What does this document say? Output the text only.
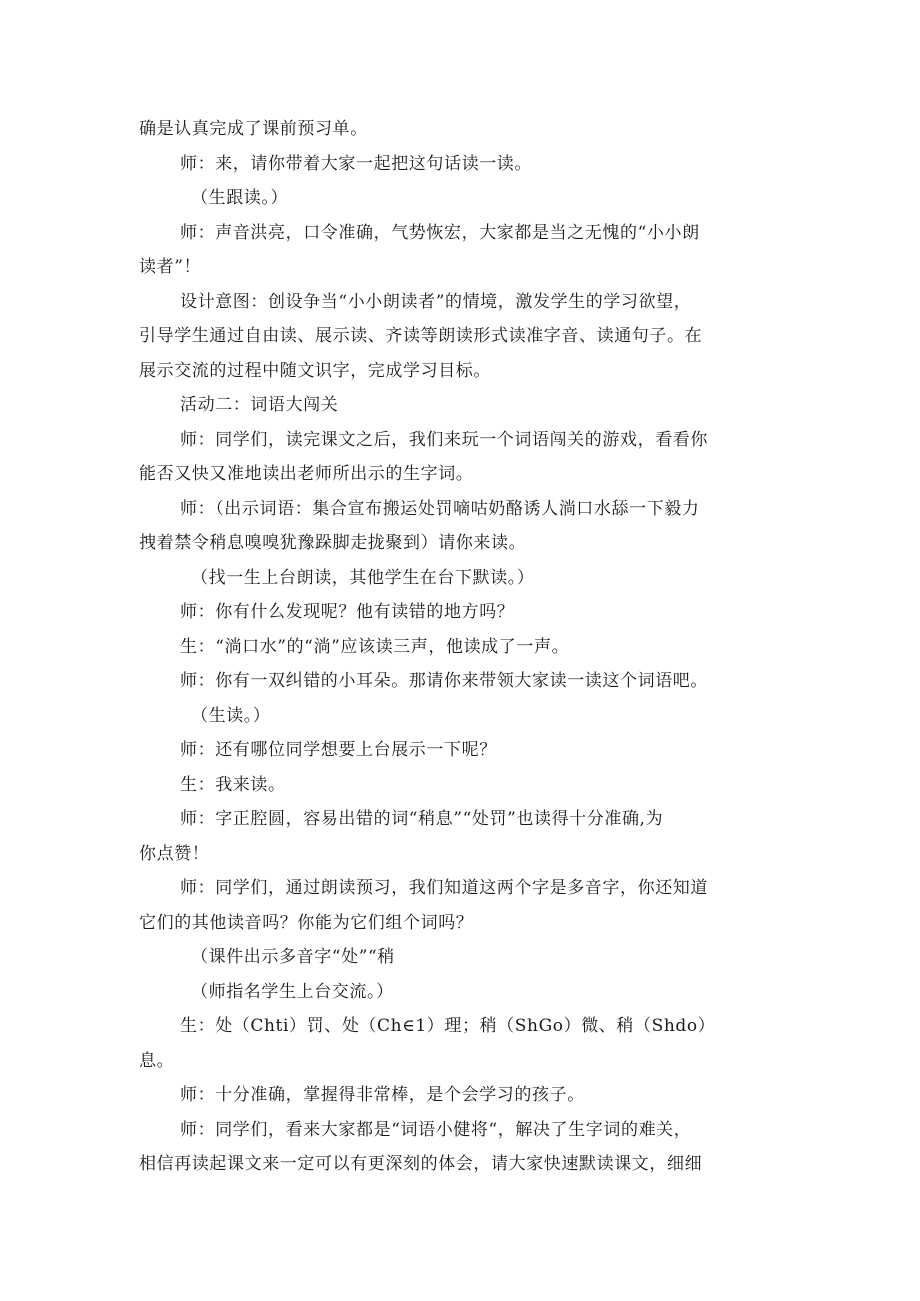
确是认真完成了课前预习单。
师：来，请你带着大家一起把这句话读一读。
（生跟读。）
师：声音洪亮，口令准确，气势恢宏，大家都是当之无愧的“小小朗
读者”！
设计意图：创设争当“小小朗读者”的情境，激发学生的学习欲望，
引导学生通过自由读、展示读、齐读等朗读形式读准字音、读通句子。在
展示交流的过程中随文识字，完成学习目标。
活动二：词语大闯关
师：同学们，读完课文之后，我们来玩一个词语闯关的游戏，看看你
能否又快又准地读出老师所出示的生字词。
师：（出示词语：集合宣布搬运处罚嘀咕奶酪诱人淌口水舔一下毅力
拽着禁令稍息嗅嗅犹豫跺脚走拢聚到）请你来读。
（找一生上台朗读，其他学生在台下默读。）
师：你有什么发现呢？他有读错的地方吗？
生：“淌口水”的“淌”应该读三声，他读成了一声。
师：你有一双纠错的小耳朵。那请你来带领大家读一读这个词语吧。
（生读。）
师：还有哪位同学想要上台展示一下呢？
生：我来读。
师：字正腔圆，容易出错的词“稍息”“处罚”也读得十分准确,为
你点赞！
师：同学们，通过朗读预习，我们知道这两个字是多音字，你还知道
它们的其他读音吗？你能为它们组个词吗？
（课件出示多音字“处”“稍
（师指名学生上台交流。）
生：处（Chti）罚、处（Ch∈1）理；稍（ShGo）微、稍（Shdo）
息。
师：十分准确，掌握得非常棒，是个会学习的孩子。
师：同学们，看来大家都是“词语小健将“，解决了生字词的难关，
相信再读起课文来一定可以有更深刻的体会，请大家快速默读课文，细细
